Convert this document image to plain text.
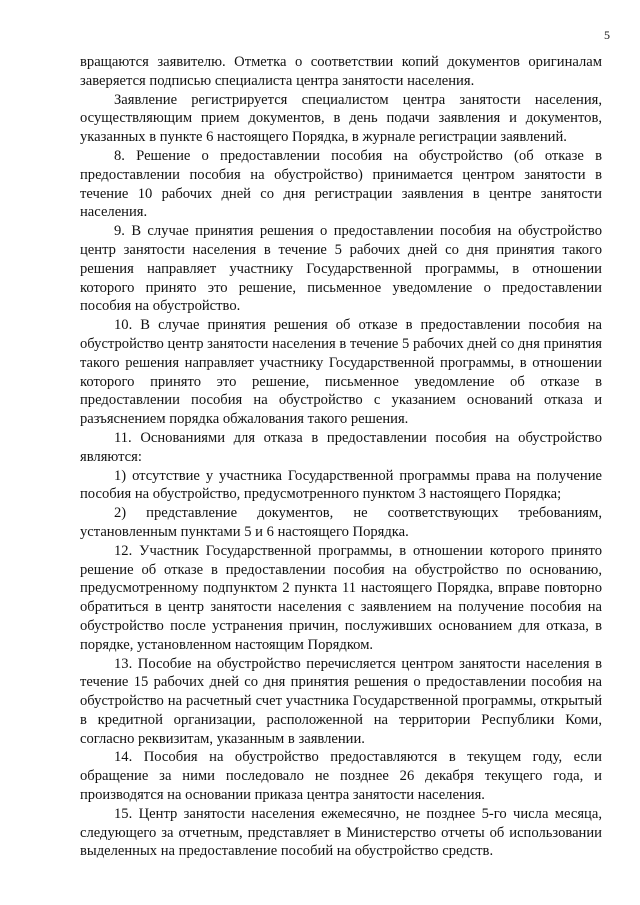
5

вращаются заявителю. Отметка о соответствии копий документов оригиналам заверяется подписью специалиста центра занятости населения.

Заявление регистрируется специалистом центра занятости населения, осуществляющим прием документов, в день подачи заявления и документов, указанных в пункте 6 настоящего Порядка, в журнале регистрации заявлений.

8. Решение о предоставлении пособия на обустройство (об отказе в предоставлении пособия на обустройство) принимается центром занятости в течение 10 рабочих дней со дня регистрации заявления в центре занятости населения.

9. В случае принятия решения о предоставлении пособия на обустройство центр занятости населения в течение 5 рабочих дней со дня принятия такого решения направляет участнику Государственной программы, в отношении которого принято это решение, письменное уведомление о предоставлении пособия на обустройство.

10. В случае принятия решения об отказе в предоставлении пособия на обустройство центр занятости населения в течение 5 рабочих дней со дня принятия такого решения направляет участнику Государственной программы, в отношении которого принято это решение, письменное уведомление об отказе в предоставлении пособия на обустройство с указанием оснований отказа и разъяснением порядка обжалования такого решения.

11. Основаниями для отказа в предоставлении пособия на обустройство являются:

1) отсутствие у участника Государственной программы права на получение пособия на обустройство, предусмотренного пунктом 3 настоящего Порядка;

2) представление документов, не соответствующих требованиям, установленным пунктами 5 и 6 настоящего Порядка.

12. Участник Государственной программы, в отношении которого принято решение об отказе в предоставлении пособия на обустройство по основанию, предусмотренному подпунктом 2 пункта 11 настоящего Порядка, вправе повторно обратиться в центр занятости населения с заявлением на получение пособия на обустройство после устранения причин, послуживших основанием для отказа, в порядке, установленном настоящим Порядком.

13. Пособие на обустройство перечисляется центром занятости населения в течение 15 рабочих дней со дня принятия решения о предоставлении пособия на обустройство на расчетный счет участника Государственной программы, открытый в кредитной организации, расположенной на территории Республики Коми, согласно реквизитам, указанным в заявлении.

14. Пособия на обустройство предоставляются в текущем году, если обращение за ними последовало не позднее 26 декабря текущего года, и производятся на основании приказа центра занятости населения.

15. Центр занятости населения ежемесячно, не позднее 5-го числа месяца, следующего за отчетным, представляет в Министерство отчеты об использовании выделенных на предоставление пособий на обустройство средств.
